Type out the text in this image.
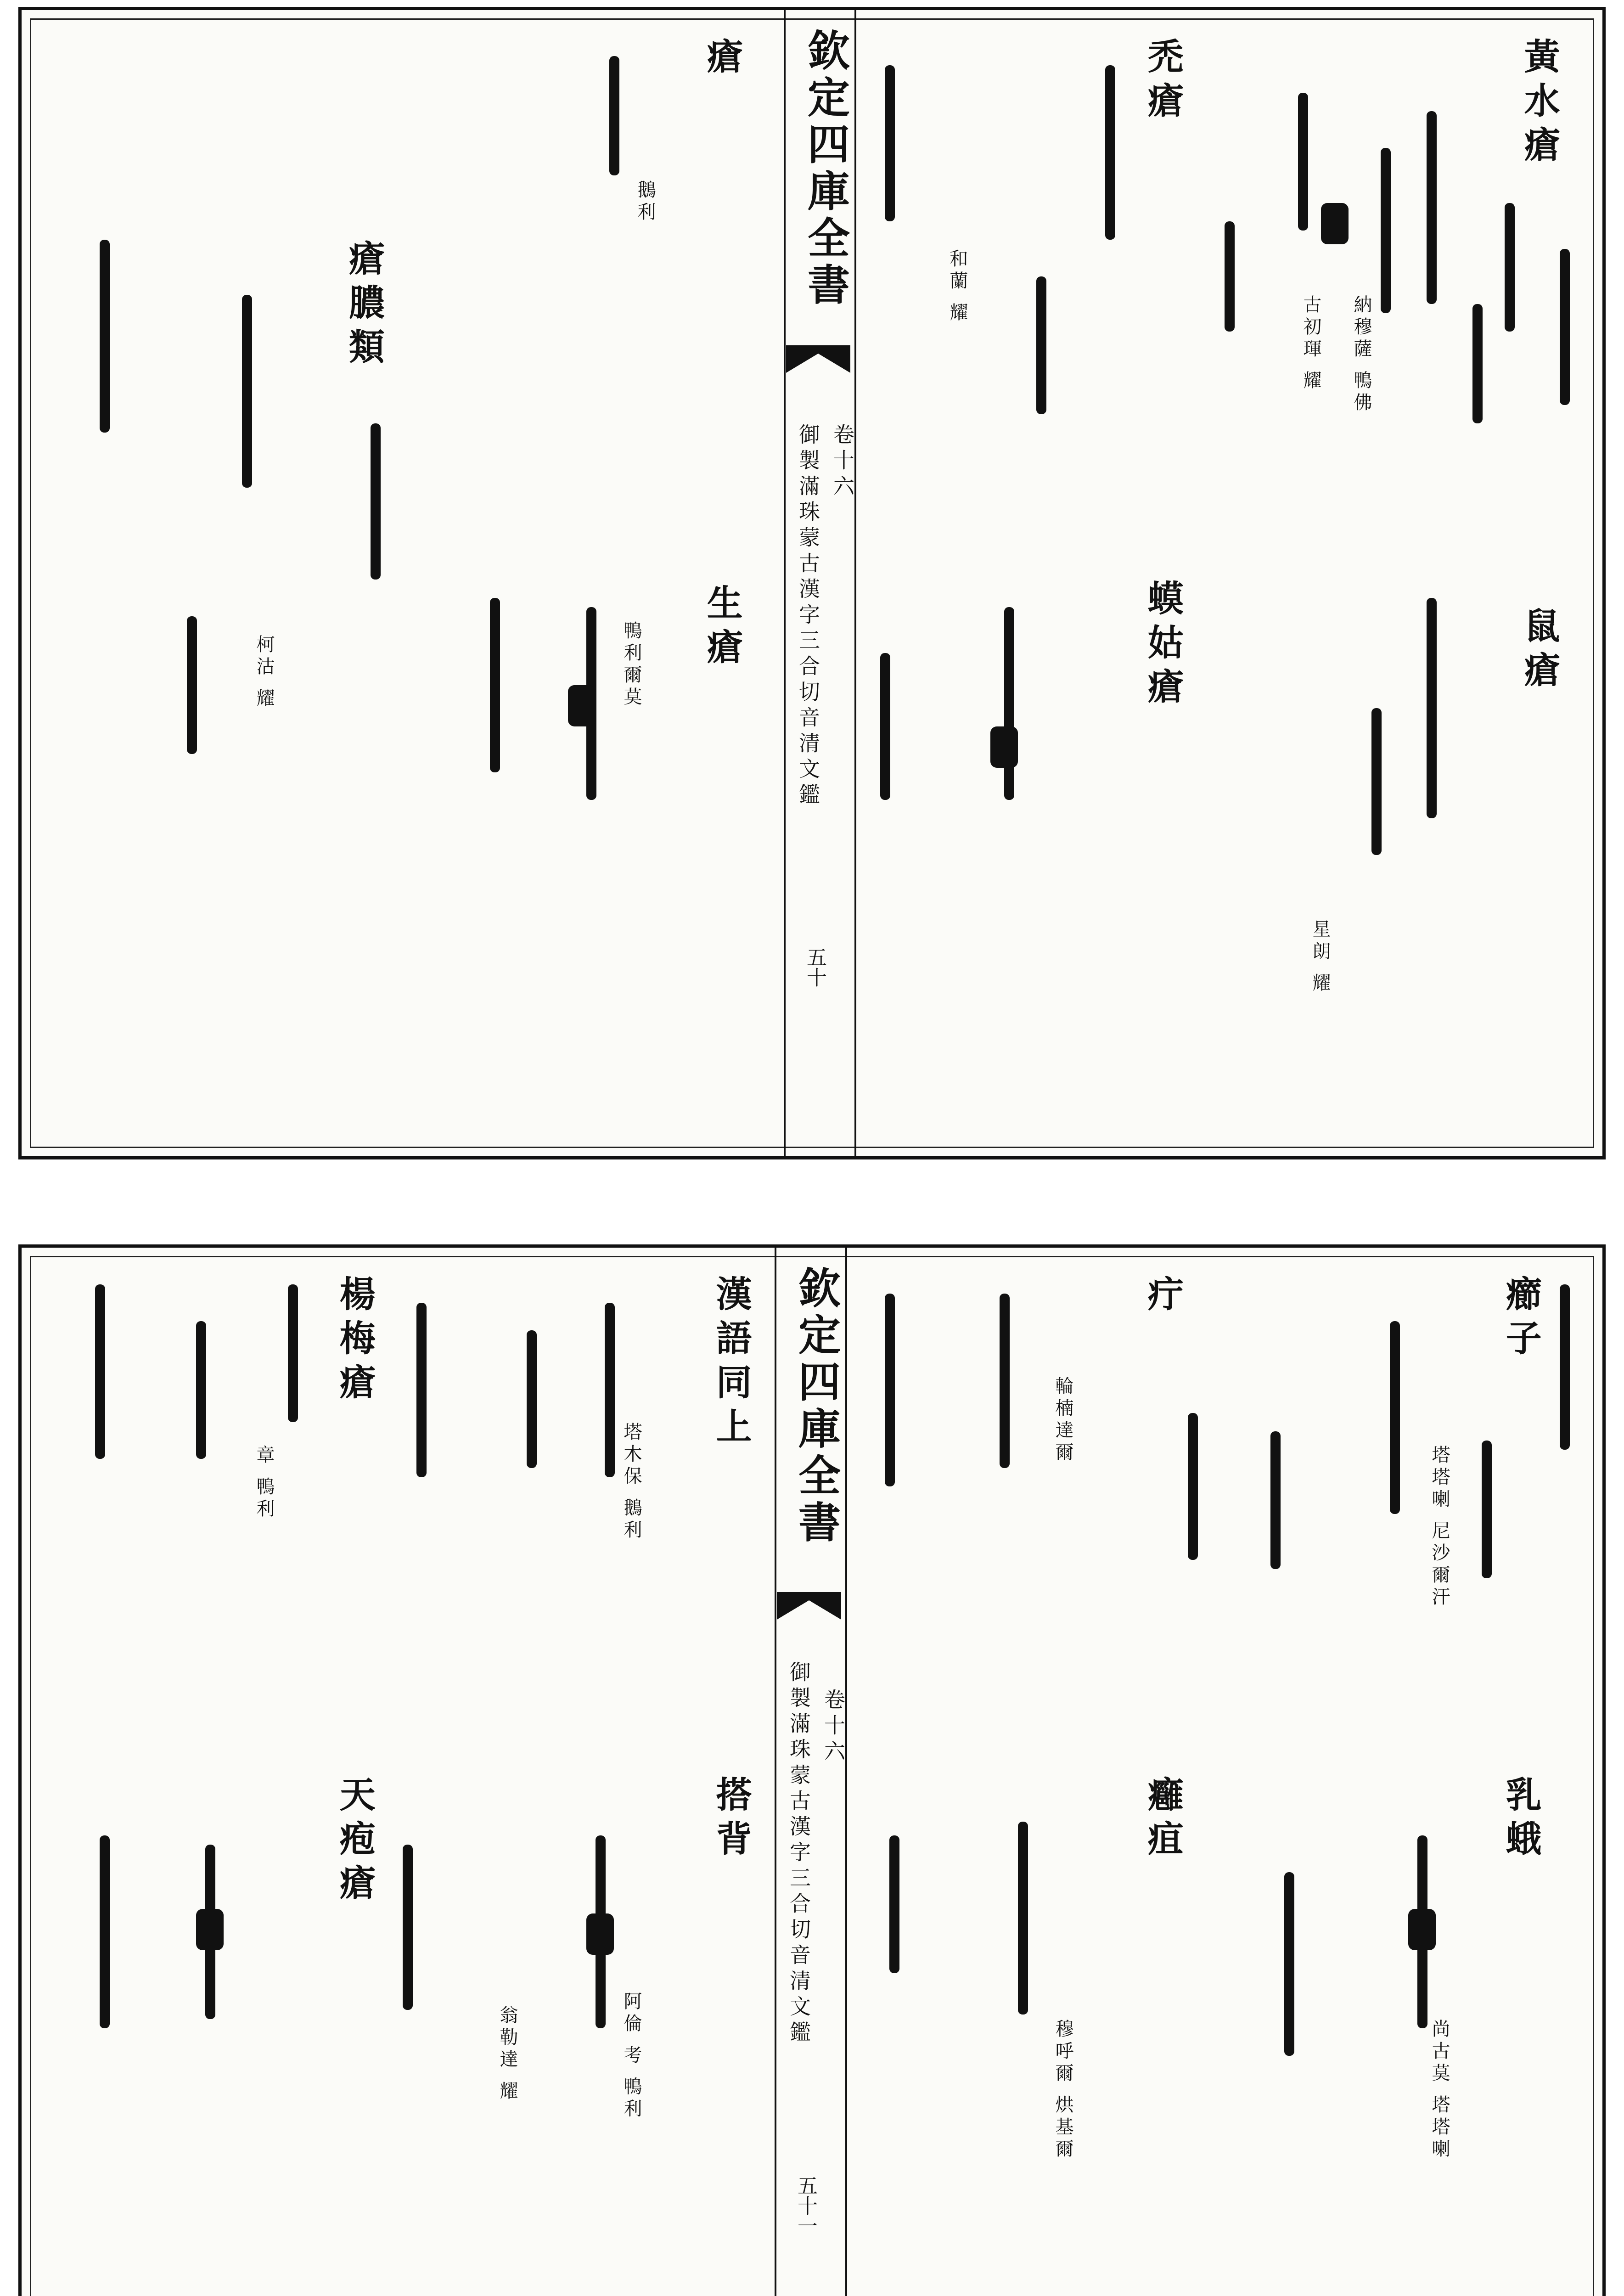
欽定四庫全書
卷十六
御製滿珠蒙古漢字三合切音清文鑑
五十
黃水瘡
納穆薩 鴨佛
禿瘡
古初琿 耀
蟆姑瘡
和蘭 耀
鼠瘡
星朗 耀
瘡
鵝利
生瘡
鴨利爾莫
瘡膿類
柯沽 耀
欽定四庫全書
卷十六
御製滿珠蒙古漢字三合切音清文鑑
五十一
癤子
塔塔喇 尼沙爾汗
疔
輪楠達爾
乳蛾
尚古莫 塔塔喇
癰疽
穆呼爾 烘基爾
漢語同上
塔木保 鵝利
楊梅瘡
章 鴨利
搭背
阿倫 考 鴨利
天疱瘡
翁勒達 耀
